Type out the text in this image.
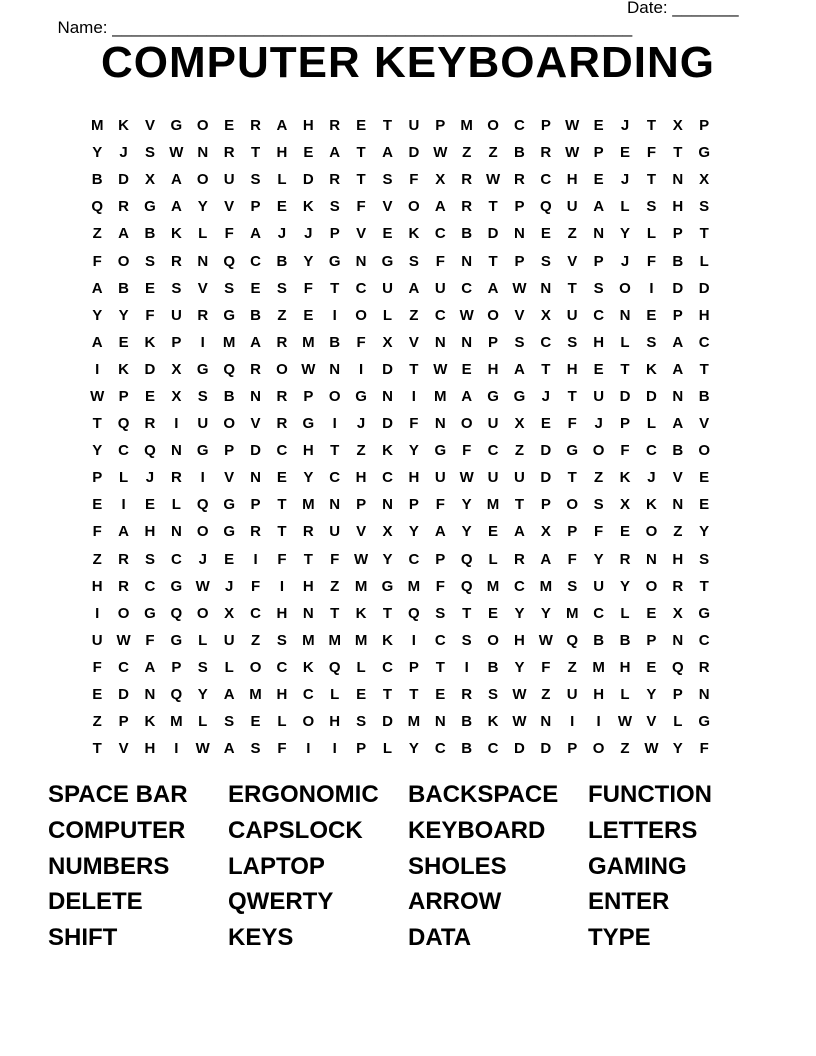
Name: _______________________________________________________

Date: _______

COMPUTER KEYBOARDING
M K	V	G O	E	R	A	H	R	E	T	U	P	M O	C	P W E	J	T	X	P
Y	J	S W N	R	T	H	E	A	T	A	D W Z	Z	B	R W P	E	F	T	G
B	D	X	A	O	U	S	L	D	R	T	S	F	X	R W R	C	H	E	J	T	N	X
Q	R	G	A	Y	V	P	E	K	S	F	V	O	A	R	T	P	Q	U	A	L	S	H	S
Z	A	B	K	L	F	A	J	J	P	V	E	K	C	B	D	N	E	Z	N	Y	L	P	T
F	O	S	R	N	Q	C	B	Y	G	N	G	S	F	N	T	P	S	V	P	J	F	B	L
A	B	E	S	V	S	E	S	F	T	C	U	A	U	C	A W N	T	S	O	I	D	D
Y	Y	F	U	R	G	B	Z	E	I	O	L	Z	C W O	V	X	U	C	N	E	P	H
A	E	K	P	I	M A	R M B	F	X	V	N	N	P	S	C	S	H	L	S	A	C
I	K	D	X	G Q	R	O W N	I	D	T W E	H	A	T	H	E	T	K	A	T
W P	E	X	S	B	N	R	P	O G	N	I	M A	G G	J	T	U	D	D	N	B
T	Q	R	I	U	O	V	R	G	I	J	D	F	N	O	U	X	E	F	J	P	L	A	V
Y	C	Q	N	G	P	D	C	H	T	Z	K	Y	G	F	C	Z	D	G O	F	C	B	O
P	L	J	R	I	V	N	E	Y	C	H	C	H	U W U	U	D	T	Z	K	J	V	E
E	I	E	L	Q G	P	T	M N	P	N	P	F	Y	M	T	P	O	S	X	K	N	E
F	A	H	N	O G	R	T	R	U	V	X	Y	A	Y	E	A	X	P	F	E	O	Z	Y
Z	R	S	C	J	E	I	F	T	F W Y	C	P	Q	L	R	A	F	Y	R	N	H	S
H	R	C	G W	J	F	I	H	Z	M G M	F	Q M C M	S	U	Y	O	R	T
I	O G Q O	X	C	H	N	T	K	T	Q	S	T	E	Y	Y	M C	L	E	X	G
U W F	G	L	U	Z	S	M M M K	I	C	S	O	H W Q	B	B	P	N	C
F	C	A	P	S	L	O	C	K	Q	L	C	P	T	I	B	Y	F	Z	M H	E	Q	R
E	D	N	Q	Y	A M H	C	L	E	T	T	E	R	S W Z	U	H	L	Y	P	N
Z	P	K M	L	S	E	L	O	H	S	D M N	B	K W N	I	I	W V	L	G
T	V	H	I	W A	S	F	I	I	P	L	Y	C	B	C	D	D	P	O	Z W Y	F
SPACE BAR	ERGONOMIC	BACKSPACE	FUNCTION
COMPUTER	CAPSLOCK	KEYBOARD	LETTERS
NUMBERS	LAPTOP	SHOLES	GAMING
DELETE	QWERTY	ARROW	ENTER
SHIFT	KEYS	DATA	TYPE
